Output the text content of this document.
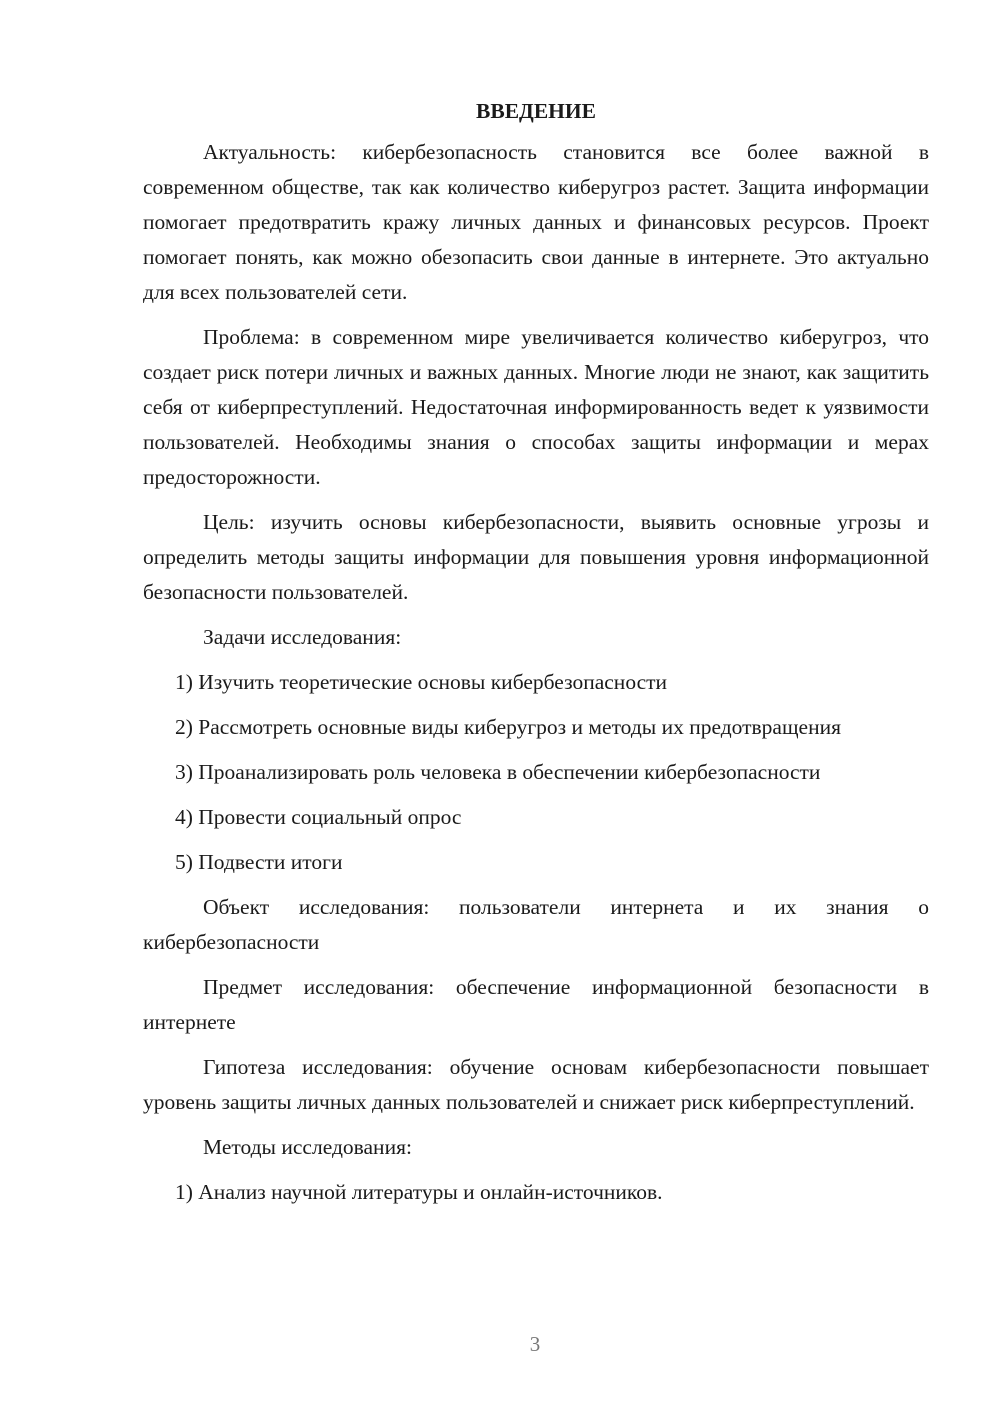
ВВЕДЕНИЕ

Актуальность: кибербезопасность становится все более важной в современном обществе, так как количество киберугроз растет. Защита информации помогает предотвратить кражу личных данных и финансовых ресурсов. Проект помогает понять, как можно обезопасить свои данные в интернете. Это актуально для всех пользователей сети.

Проблема: в современном мире увеличивается количество киберугроз, что создает риск потери личных и важных данных. Многие люди не знают, как защитить себя от киберпреступлений. Недостаточная информированность ведет к уязвимости пользователей. Необходимы знания о способах защиты информации и мерах предосторожности.

Цель: изучить основы кибербезопасности, выявить основные угрозы и определить методы защиты информации для повышения уровня информационной безопасности пользователей.

Задачи исследования:

1) Изучить теоретические основы кибербезопасности

2) Рассмотреть основные виды киберугроз и методы их предотвращения

3) Проанализировать роль человека в обеспечении кибербезопасности

4) Провести социальный опрос

5) Подвести итоги

Объект исследования: пользователи интернета и их знания о кибербезопасности

Предмет исследования: обеспечение информационной безопасности в интернете

Гипотеза исследования: обучение основам кибербезопасности повышает уровень защиты личных данных пользователей и снижает риск киберпреступлений.

Методы исследования:

1) Анализ научной литературы и онлайн-источников.

3
